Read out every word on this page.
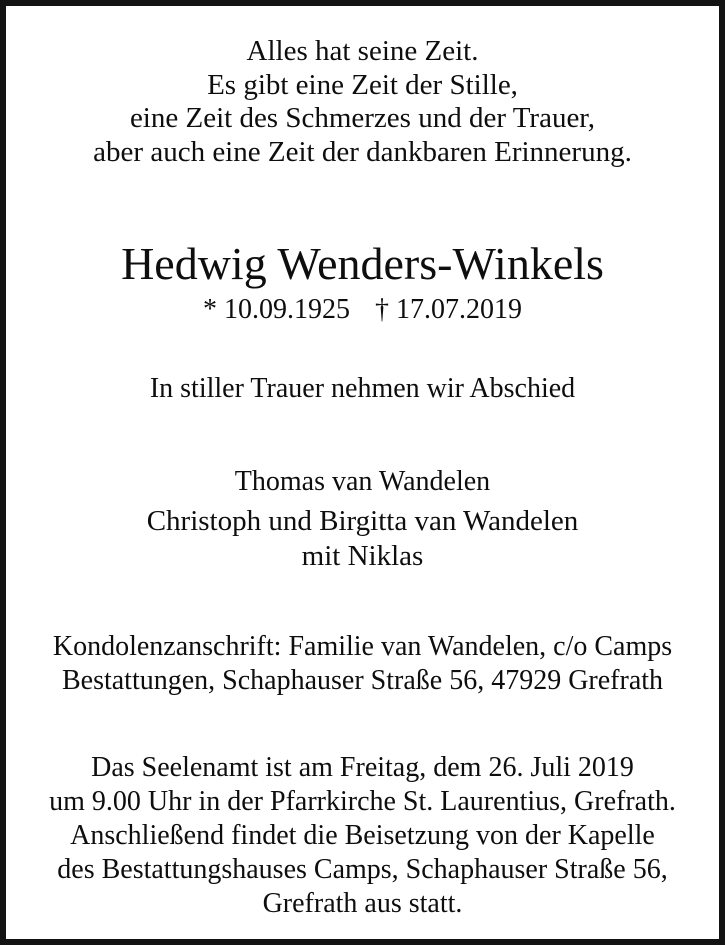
Alles hat seine Zeit.
Es gibt eine Zeit der Stille,
eine Zeit des Schmerzes und der Trauer,
aber auch eine Zeit der dankbaren Erinnerung.
Hedwig Wenders-Winkels
* 10.09.1925 † 17.07.2019
In stiller Trauer nehmen wir Abschied
Thomas van Wandelen
Christoph und Birgitta van Wandelen
mit Niklas
Kondolenzanschrift: Familie van Wandelen, c/o Camps
Bestattungen, Schaphauser Straße 56, 47929 Grefrath
Das Seelenamt ist am Freitag, dem 26. Juli 2019
um 9.00 Uhr in der Pfarrkirche St. Laurentius, Grefrath.
Anschließend findet die Beisetzung von der Kapelle
des Bestattungshauses Camps, Schaphauser Straße 56,
Grefrath aus statt.
